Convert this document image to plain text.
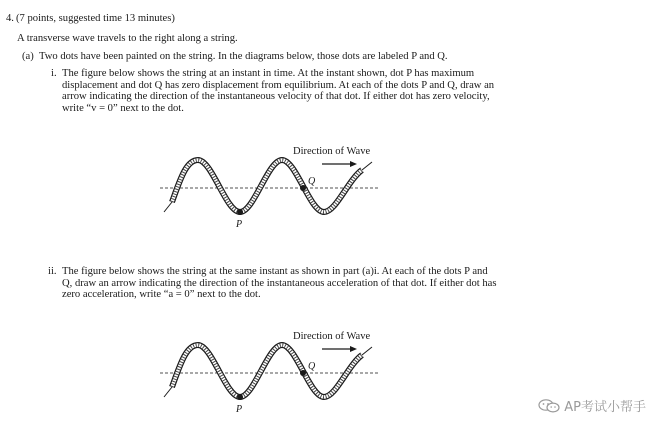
4. (7 points, suggested time 13 minutes)
A transverse wave travels to the right along a string.
(a) Two dots have been painted on the string. In the diagrams below, those dots are labeled P and Q.
i. The figure below shows the string at an instant in time. At the instant shown, dot P has maximum
displacement and dot Q has zero displacement from equilibrium. At each of the dots P and Q, draw an
arrow indicating the direction of the instantaneous velocity of that dot. If either dot has zero velocity,
write “v = 0” next to the dot.
Direction of Wave
P
Q
ii. The figure below shows the string at the same instant as shown in part (a)i. At each of the dots P and
Q, draw an arrow indicating the direction of the instantaneous acceleration of that dot. If either dot has
zero acceleration, write “a = 0” next to the dot.
Direction of Wave
P
Q
AP考试小帮手
